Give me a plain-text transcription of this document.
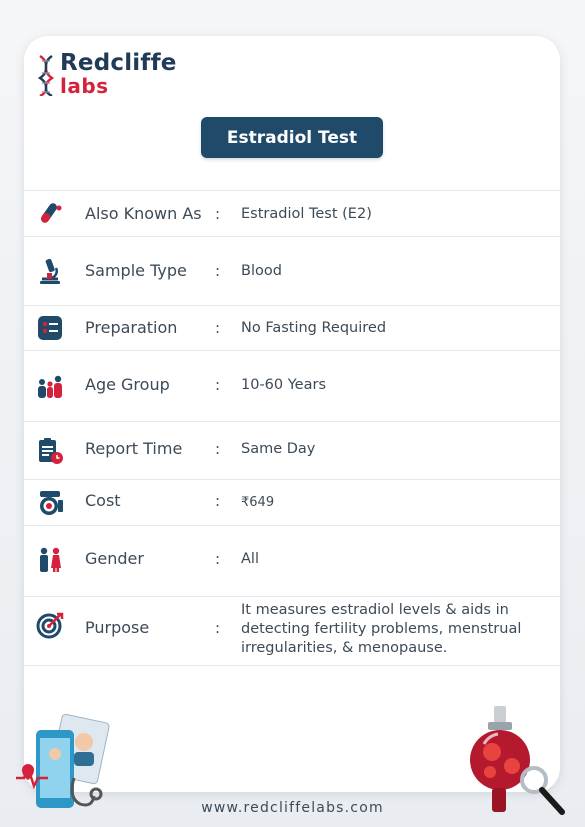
Redcliffe
labs
Estradiol Test
Also Known As : Estradiol Test (E2)
Sample Type : Blood
Preparation	: No Fasting Required
Age Group	: 10-60 Years
Report Time : Same Day
Cost	: ₹649
Gender	: All
Purpose	:
It measures estradiol levels & aids in detecting fertility problems, menstrual irregularities, & menopause.
www.redcliffelabs.com
